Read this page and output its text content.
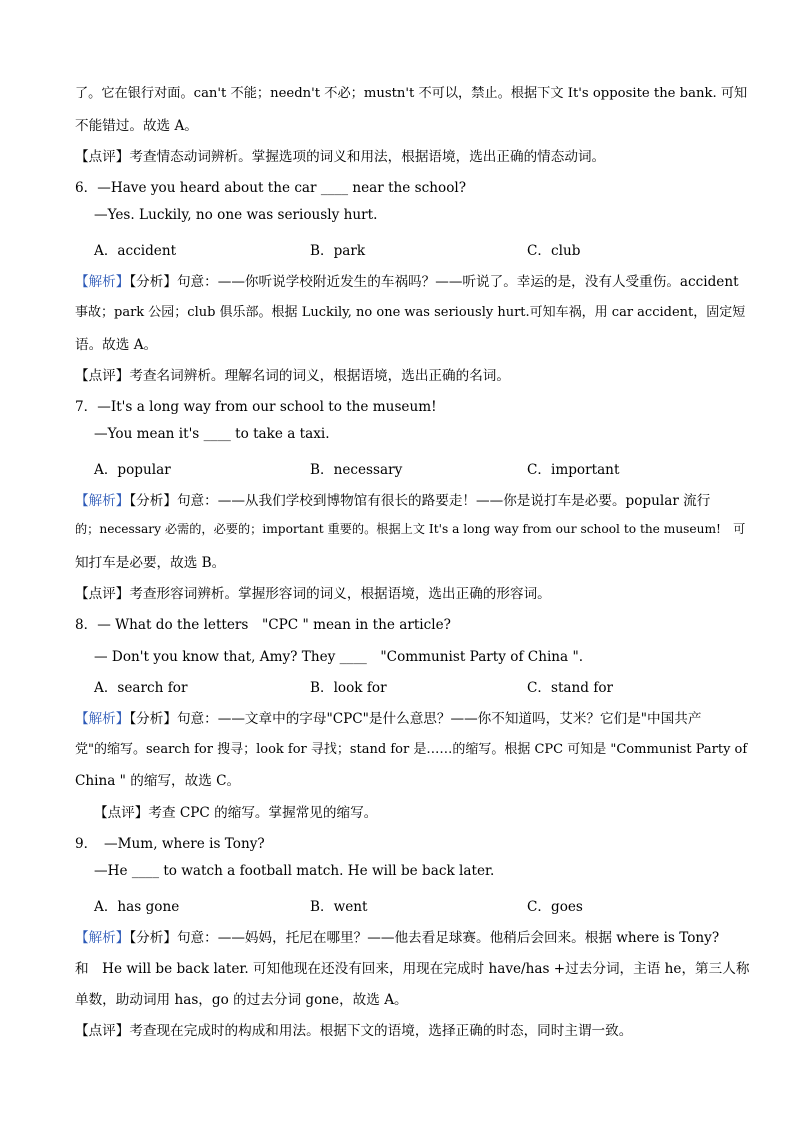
了。它在银行对面。can't 不能；needn't 不必；mustn't 不可以，禁止。根据下文 It's opposite the bank. 可知
不能错过。故选 A。
【点评】考查情态动词辨析。掌握选项的词义和用法，根据语境，选出正确的情态动词。
6．—Have you heard about the car ____ near the school?
—Yes. Luckily, no one was seriously hurt.
A．accident	B．park	C．club
【解析】【分析】句意：——你听说学校附近发生的车祸吗？——听说了。幸运的是，没有人受重伤。accident
事故；park 公园；club 俱乐部。根据 Luckily, no one was seriously hurt.可知车祸，用 car accident，固定短
语。故选 A。
【点评】考查名词辨析。理解名词的词义，根据语境，选出正确的名词。
7．—It's a long way from our school to the museum!
—You mean it's ____ to take a taxi.
A．popular	B．necessary	C．important
【解析】【分析】句意：——从我们学校到博物馆有很长的路要走！——你是说打车是必要。popular 流行
的；necessary 必需的，必要的；important 重要的。根据上文 It's a long way from our school to the museum!　可
知打车是必要，故选 B。
【点评】考查形容词辨析。掌握形容词的词义，根据语境，选出正确的形容词。
8．— What do the letters　"CPC " mean in the article?
— Don't you know that, Amy? They ____　"Communist Party of China ".
A．search for	B．look for	C．stand for
【解析】【分析】句意：——文章中的字母"CPC"是什么意思？——你不知道吗，艾米？它们是"中国共产
党"的缩写。search for 搜寻；look for 寻找；stand for 是……的缩写。根据 CPC 可知是 "Communist Party of
China " 的缩写，故选 C。
【点评】考查 CPC 的缩写。掌握常见的缩写。
9．　—Mum, where is Tony?
—He ____ to watch a football match. He will be back later.
A．has gone	B．went	C．goes
【解析】【分析】句意：——妈妈，托尼在哪里？——他去看足球赛。他稍后会回来。根据 where is Tony?
和　He will be back later. 可知他现在还没有回来，用现在完成时 have/has +过去分词，主语 he，第三人称
单数，助动词用 has，go 的过去分词 gone，故选 A。
【点评】考查现在完成时的构成和用法。根据下文的语境，选择正确的时态，同时主谓一致。
